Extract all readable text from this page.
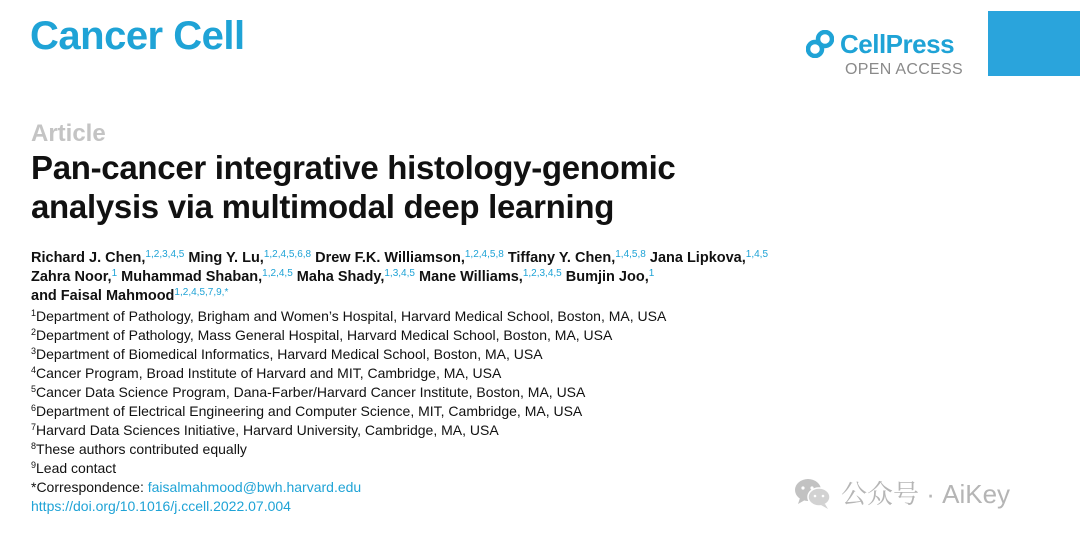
Cancer Cell	CellPress
OPEN ACCESS
Article
Pan-cancer integrative histology-genomic
analysis via multimodal deep learning
Richard J. Chen,$^{1,2,3,4,5}$ Ming Y. Lu,$^{1,2,4,5,6,8}$ Drew F.K. Williamson,$^{1,2,4,5,8}$ Tiffany Y. Chen,$^{1,4,5,8}$ Jana Lipkova,$^{1,4,5}$
Zahra Noor,$^1$ Muhammad Shaban,$^{1,2,4,5}$ Maha Shady,$^{1,3,4,5}$ Mane Williams,$^{1,2,3,4,5}$ Bumjin Joo,$^1$
and Faisal Mahmood$^{1,2,4,5,7,9,*}$
$^1$Department of Pathology, Brigham and Women’s Hospital, Harvard Medical School, Boston, MA, USA
$^2$Department of Pathology, Mass General Hospital, Harvard Medical School, Boston, MA, USA
$^3$Department of Biomedical Informatics, Harvard Medical School, Boston, MA, USA
$^4$Cancer Program, Broad Institute of Harvard and MIT, Cambridge, MA, USA
$^5$Cancer Data Science Program, Dana-Farber/Harvard Cancer Institute, Boston, MA, USA
$^6$Department of Electrical Engineering and Computer Science, MIT, Cambridge, MA, USA
$^7$Harvard Data Sciences Initiative, Harvard University, Cambridge, MA, USA
$^8$These authors contributed equally
$^9$Lead contact
*Correspondence: faisalmahmood@bwh.harvard.edu
https://doi.org/10.1016/j.ccell.2022.07.004	公众号 · AiKey
